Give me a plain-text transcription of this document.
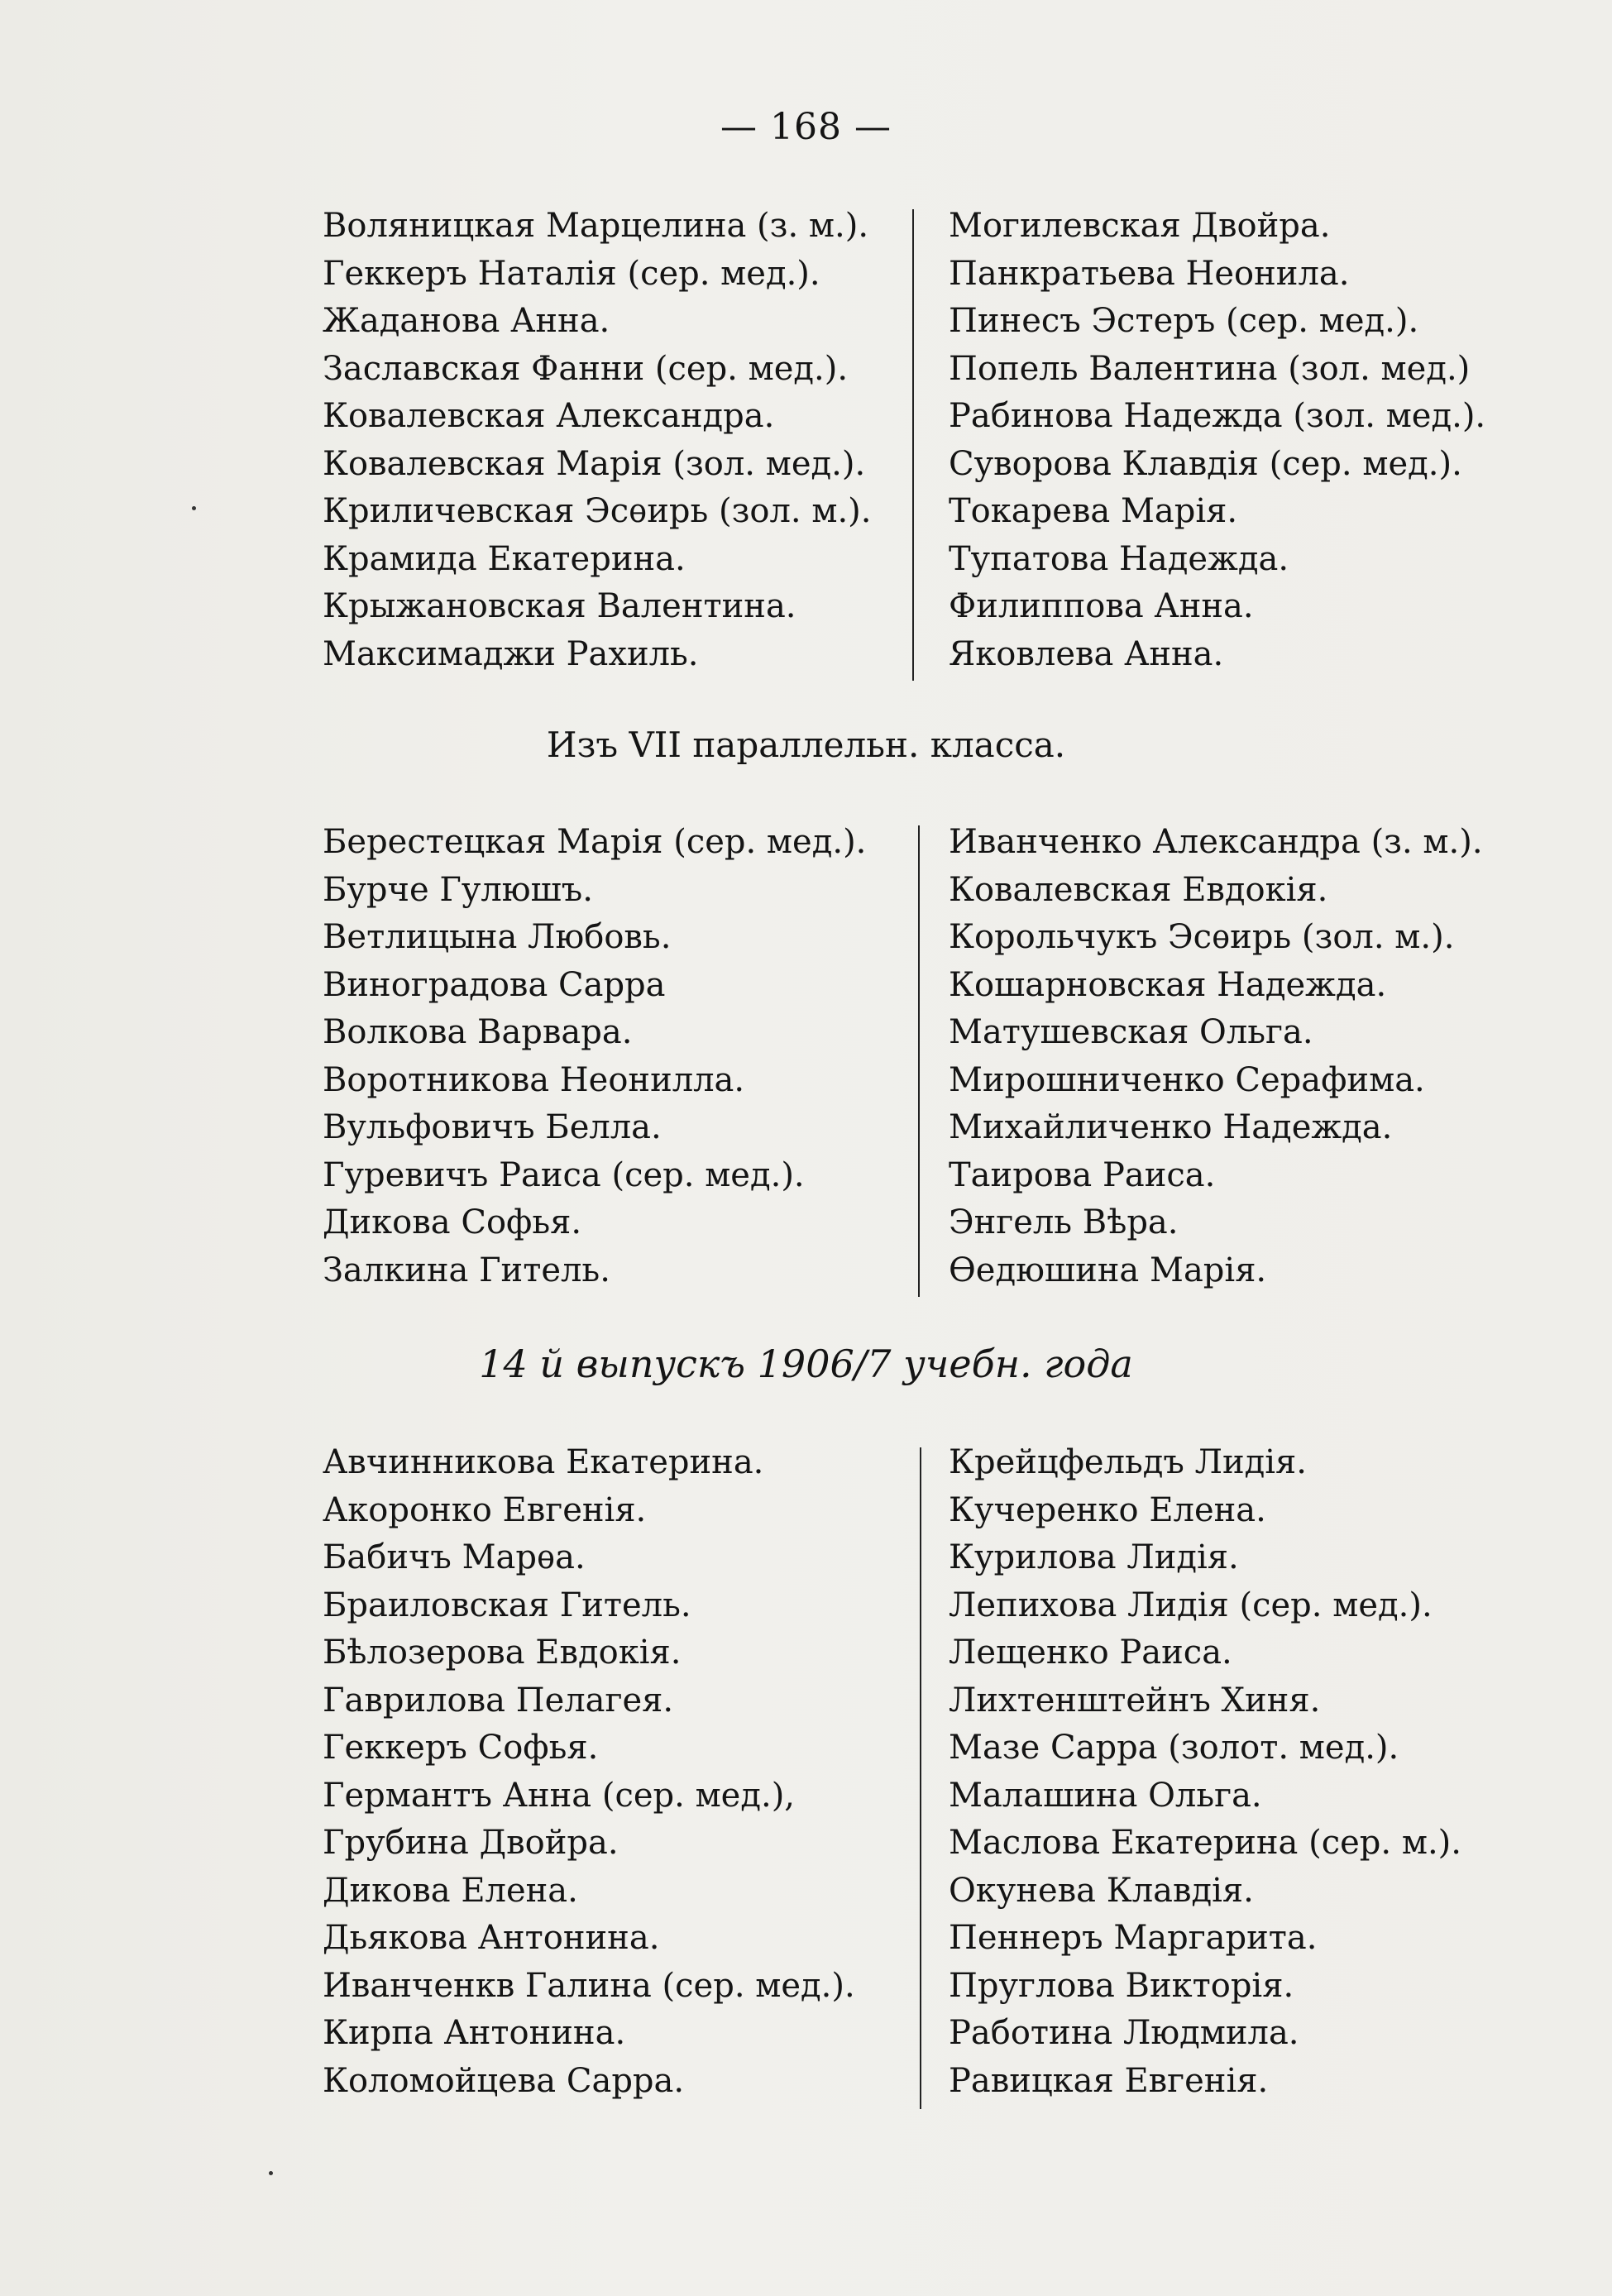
— 168 —
Воляницкая Марцелина (з. м.).
Геккеръ Наталія (сер. мед.).
Жаданова Анна.
Заславская Фанни (сер. мед.).
Ковалевская Александра.
Ковалевская Марія (зол. мед.).
Криличевская Эсѳирь (зол. м.).
Крамида Екатерина.
Крыжановская Валентина.
Максимаджи Рахиль.
Могилевская Двойра.
Панкратьева Неонила.
Пинесъ Эстеръ (сер. мед.).
Попель Валентина (зол. мед.)
Рабинова Надежда (зол. мед.).
Суворова Клавдія (сер. мед.).
Токарева Марія.
Тупатова Надежда.
Филиппова Анна.
Яковлева Анна.
Изъ VII параллельн. класса.
Берестецкая Марія (сер. мед.).
Бурче Гулюшъ.
Ветлицына Любовь.
Виноградова Сарра
Волкова Варвара.
Воротникова Неонилла.
Вульфовичъ Белла.
Гуревичъ Раиса (сер. мед.).
Дикова Софья.
Залкина Гитель.
Иванченко Александра (з. м.).
Ковалевская Евдокія.
Корольчукъ Эсѳирь (зол. м.).
Кошарновская Надежда.
Матушевская Ольга.
Мирошниченко Серафима.
Михайличенко Надежда.
Таирова Раиса.
Энгель Вѣра.
Ѳедюшина Марія.
14 й выпускъ 1906/7 учебн. года
Авчинникова Екатерина.
Акоронко Евгенія.
Бабичъ Марѳа.
Браиловская Гитель.
Бѣлозерова Евдокія.
Гаврилова Пелагея.
Геккеръ Софья.
Германтъ Анна (сер. мед.),
Грубина Двойра.
Дикова Елена.
Дьякова Антонина.
Иванченкв Галина (сер. мед.).
Кирпа Антонина.
Коломойцева Сарра.
Крейцфельдъ Лидія.
Кучеренко Елена.
Курилова Лидія.
Лепихова Лидія (сер. мед.).
Лещенко Раиса.
Лихтенштейнъ Хиня.
Мазе Сарра (золот. мед.).
Малашина Ольга.
Маслова Екатерина (сер. м.).
Окунева Клавдія.
Пеннеръ Маргарита.
Пруглова Викторія.
Работина Людмила.
Равицкая Евгенія.
